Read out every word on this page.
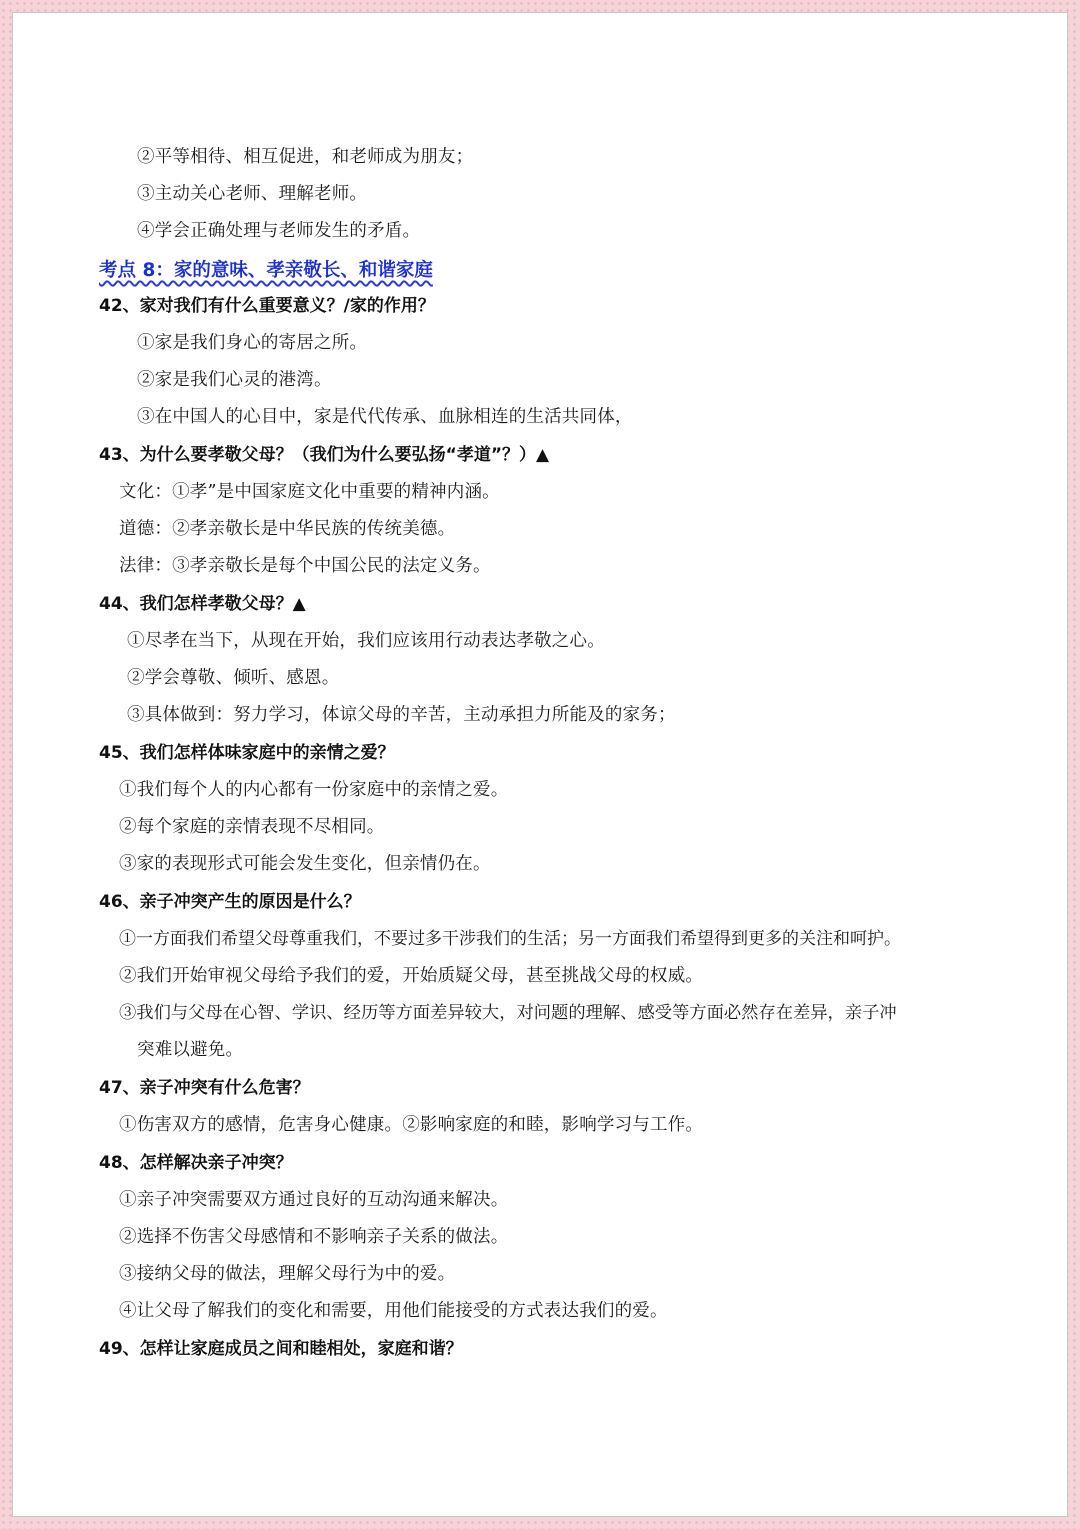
②平等相待、相互促进，和老师成为朋友；
③主动关心老师、理解老师。
④学会正确处理与老师发生的矛盾。
考点 8：家的意味、孝亲敬长、和谐家庭
42、家对我们有什么重要意义？/家的作用？
①家是我们身心的寄居之所。
②家是我们心灵的港湾。
③在中国人的心目中，家是代代传承、血脉相连的生活共同体，
43、为什么要孝敬父母？（我们为什么要弘扬“孝道”？）▲
文化：①孝”是中国家庭文化中重要的精神内涵。
道德：②孝亲敬长是中华民族的传统美德。
法律：③孝亲敬长是每个中国公民的法定义务。
44、我们怎样孝敬父母？▲
①尽孝在当下，从现在开始，我们应该用行动表达孝敬之心。
②学会尊敬、倾听、感恩。
③具体做到：努力学习，体谅父母的辛苦，主动承担力所能及的家务；
45、我们怎样体味家庭中的亲情之爱？
①我们每个人的内心都有一份家庭中的亲情之爱。
②每个家庭的亲情表现不尽相同。
③家的表现形式可能会发生变化，但亲情仍在。
46、亲子冲突产生的原因是什么？
①一方面我们希望父母尊重我们，不要过多干涉我们的生活；另一方面我们希望得到更多的关注和呵护。
②我们开始审视父母给予我们的爱，开始质疑父母，甚至挑战父母的权威。
③我们与父母在心智、学识、经历等方面差异较大，对问题的理解、感受等方面必然存在差异，亲子冲
突难以避免。
47、亲子冲突有什么危害？
①伤害双方的感情，危害身心健康。②影响家庭的和睦，影响学习与工作。
48、怎样解决亲子冲突？
①亲子冲突需要双方通过良好的互动沟通来解决。
②选择不伤害父母感情和不影响亲子关系的做法。
③接纳父母的做法，理解父母行为中的爱。
④让父母了解我们的变化和需要，用他们能接受的方式表达我们的爱。
49、怎样让家庭成员之间和睦相处，家庭和谐？
